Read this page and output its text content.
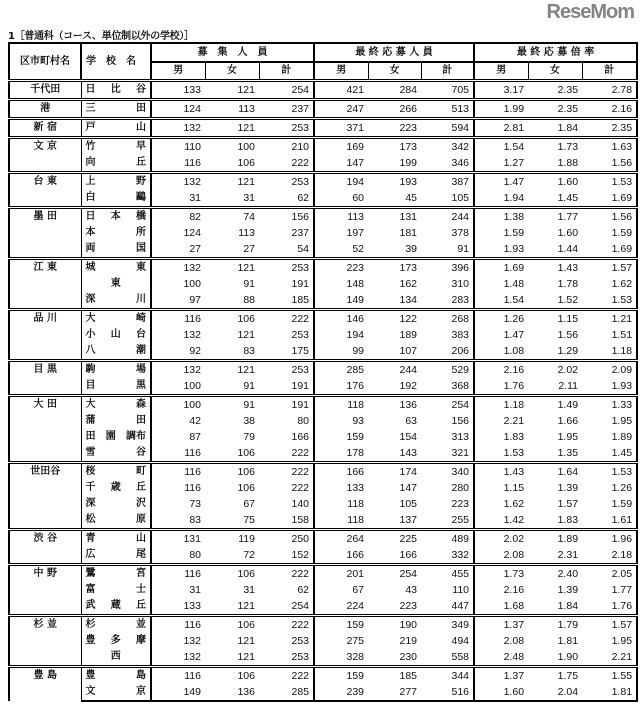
1［普通科（コース、単位制以外の学校）］
区市町村名	学　校　名	募　集　人　員			最 終 応 募 人 員			最 終 応 募 倍 率		
		男	女	計	男	女	計	男	女	計
千代田	日 比 谷	133	121	254	421	284	705	3.17	2.35	2.78
港	三 田	124	113	237	247	266	513	1.99	2.35	2.16
新 宿	戸 山	132	121	253	371	223	594	2.81	1.84	2.35
文 京	竹 早	110	100	210	169	173	342	1.54	1.73	1.63

	向 丘	116	106	222	147	199	346	1.27	1.88	1.56
台 東	上 野	132	121	253	194	193	387	1.47	1.60	1.53

	白 鷗	31	31	62	60	45	105	1.94	1.45	1.69
墨 田	日 本 橋	82	74	156	113	131	244	1.38	1.77	1.56

	本 所	124	113	237	197	181	378	1.59	1.60	1.59

	両 国	27	27	54	52	39	91	1.93	1.44	1.69
江 東	城 東	132	121	253	223	173	396	1.69	1.43	1.57

	東	100	91	191	148	162	310	1.48	1.78	1.62

	深 川	97	88	185	149	134	283	1.54	1.52	1.53
品 川	大 崎	116	106	222	146	122	268	1.26	1.15	1.21

	小 山 台	132	121	253	194	189	383	1.47	1.56	1.51

	八 潮	92	83	175	99	107	206	1.08	1.29	1.18
目 黒	駒 場	132	121	253	285	244	529	2.16	2.02	2.09

	目 黒	100	91	191	176	192	368	1.76	2.11	1.93
大 田	大 森	100	91	191	118	136	254	1.18	1.49	1.33

	蒲 田	42	38	80	93	63	156	2.21	1.66	1.95

	田 園 調布	87	79	166	159	154	313	1.83	1.95	1.89

	雪 谷	116	106	222	178	143	321	1.53	1.35	1.45
世田谷	桜 町	116	106	222	166	174	340	1.43	1.64	1.53

	千 歳 丘	116	106	222	133	147	280	1.15	1.39	1.26

	深 沢	73	67	140	118	105	223	1.62	1.57	1.59

	松 原	83	75	158	118	137	255	1.42	1.83	1.61
渋 谷	青 山	131	119	250	264	225	489	2.02	1.89	1.96

	広 尾	80	72	152	166	166	332	2.08	2.31	2.18
中 野	鷺 宮	116	106	222	201	254	455	1.73	2.40	2.05

	富 士	31	31	62	67	43	110	2.16	1.39	1.77

	武 蔵 丘	133	121	254	224	223	447	1.68	1.84	1.76
杉 並	杉 並	116	106	222	159	190	349	1.37	1.79	1.57

	豊 多 摩	132	121	253	275	219	494	2.08	1.81	1.95

	西	132	121	253	328	230	558	2.48	1.90	2.21
豊 島	豊 島	116	106	222	159	185	344	1.37	1.75	1.55

	文 京	149	136	285	239	277	516	1.60	2.04	1.81
ReseMom
